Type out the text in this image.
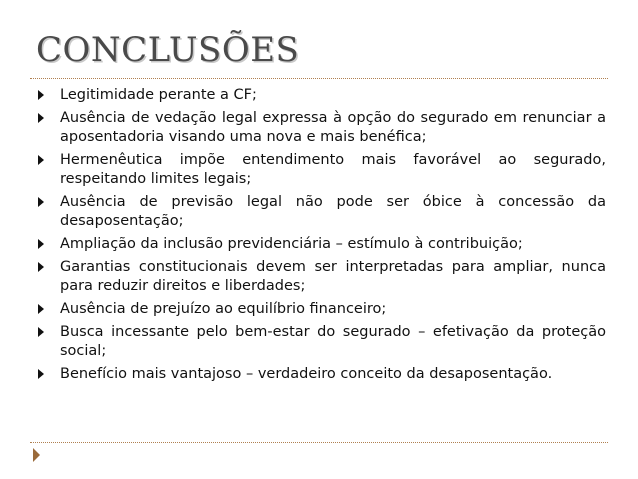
CONCLUSÕES
Legitimidade perante a CF;
Ausência de vedação legal expressa à opção do segurado em renunciar a aposentadoria visando uma nova e mais benéfica;
Hermenêutica impõe entendimento mais favorável ao segurado, respeitando limites legais;
Ausência de previsão legal não pode ser óbice à concessão da desaposentação;
Ampliação da inclusão previdenciária – estímulo à contribuição;
Garantias constitucionais devem ser interpretadas para ampliar, nunca para reduzir direitos e liberdades;
Ausência de prejuízo ao equilíbrio financeiro;
Busca incessante pelo bem-estar do segurado – efetivação da proteção social;
Benefício mais vantajoso – verdadeiro conceito da desaposentação.
